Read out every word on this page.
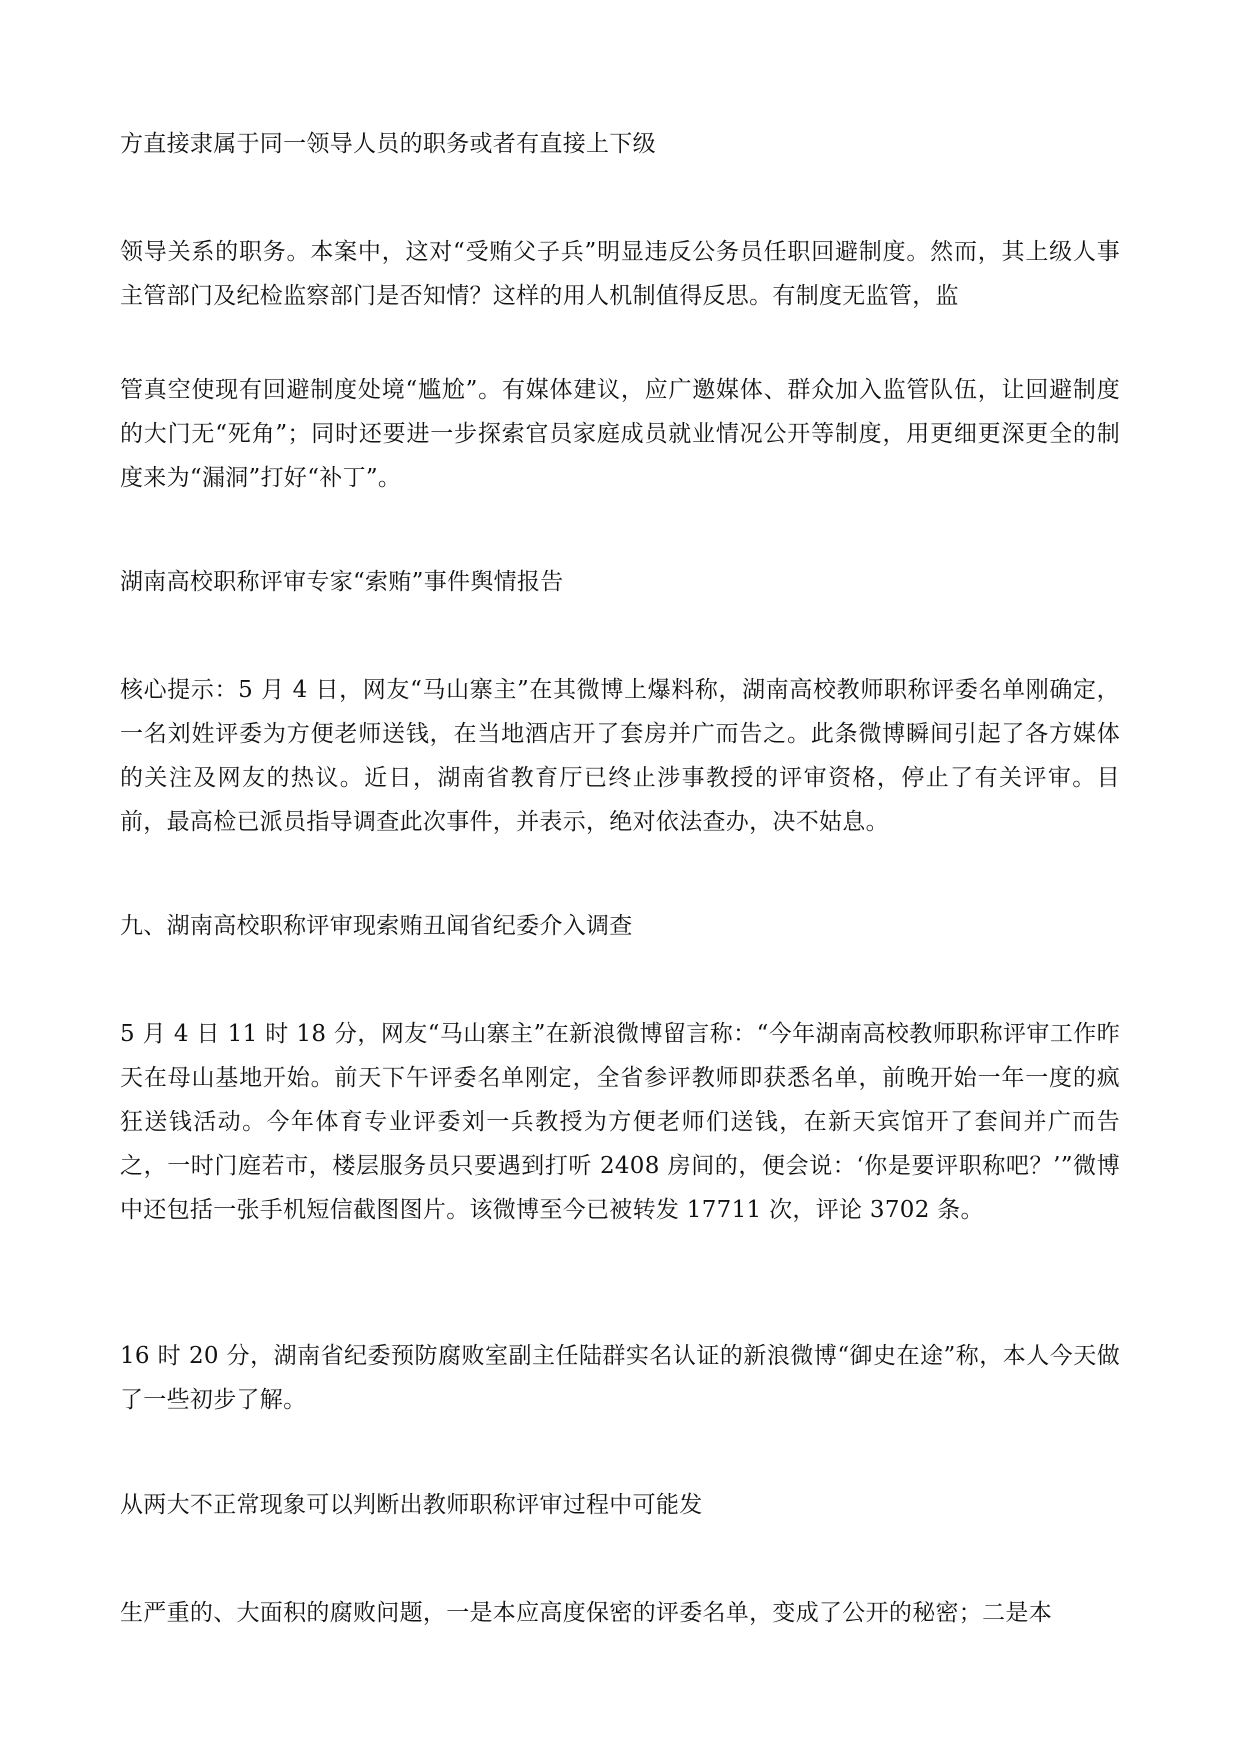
方直接隶属于同一领导人员的职务或者有直接上下级

领导关系的职务。本案中，这对“受贿父子兵”明显违反公务员任职回避制度。然而，其上级人事主管部门及纪检监察部门是否知情？这样的用人机制值得反思。有制度无监管，监

管真空使现有回避制度处境“尴尬”。有媒体建议，应广邀媒体、群众加入监管队伍，让回避制度的大门无“死角”；同时还要进一步探索官员家庭成员就业情况公开等制度，用更细更深更全的制度来为“漏洞”打好“补丁”。

湖南高校职称评审专家“索贿”事件舆情报告

核心提示：5 月 4 日，网友“马山寨主”在其微博上爆料称，湖南高校教师职称评委名单刚确定，一名刘姓评委为方便老师送钱，在当地酒店开了套房并广而告之。此条微博瞬间引起了各方媒体的关注及网友的热议。近日，湖南省教育厅已终止涉事教授的评审资格，停止了有关评审。目前，最高检已派员指导调查此次事件，并表示，绝对依法查办，决不姑息。

九、湖南高校职称评审现索贿丑闻省纪委介入调查

5 月 4 日 11 时 18 分，网友“马山寨主”在新浪微博留言称：“今年湖南高校教师职称评审工作昨天在母山基地开始。前天下午评委名单刚定，全省参评教师即获悉名单，前晚开始一年一度的疯狂送钱活动。今年体育专业评委刘一兵教授为方便老师们送钱，在新天宾馆开了套间并广而告之，一时门庭若市，楼层服务员只要遇到打听 2408 房间的，便会说：‘你是要评职称吧？’”微博中还包括一张手机短信截图图片。该微博至今已被转发 17711 次，评论 3702 条。

16 时 20 分，湖南省纪委预防腐败室副主任陆群实名认证的新浪微博“御史在途”称，本人今天做了一些初步了解。

从两大不正常现象可以判断出教师职称评审过程中可能发

生严重的、大面积的腐败问题，一是本应高度保密的评委名单，变成了公开的秘密；二是本
